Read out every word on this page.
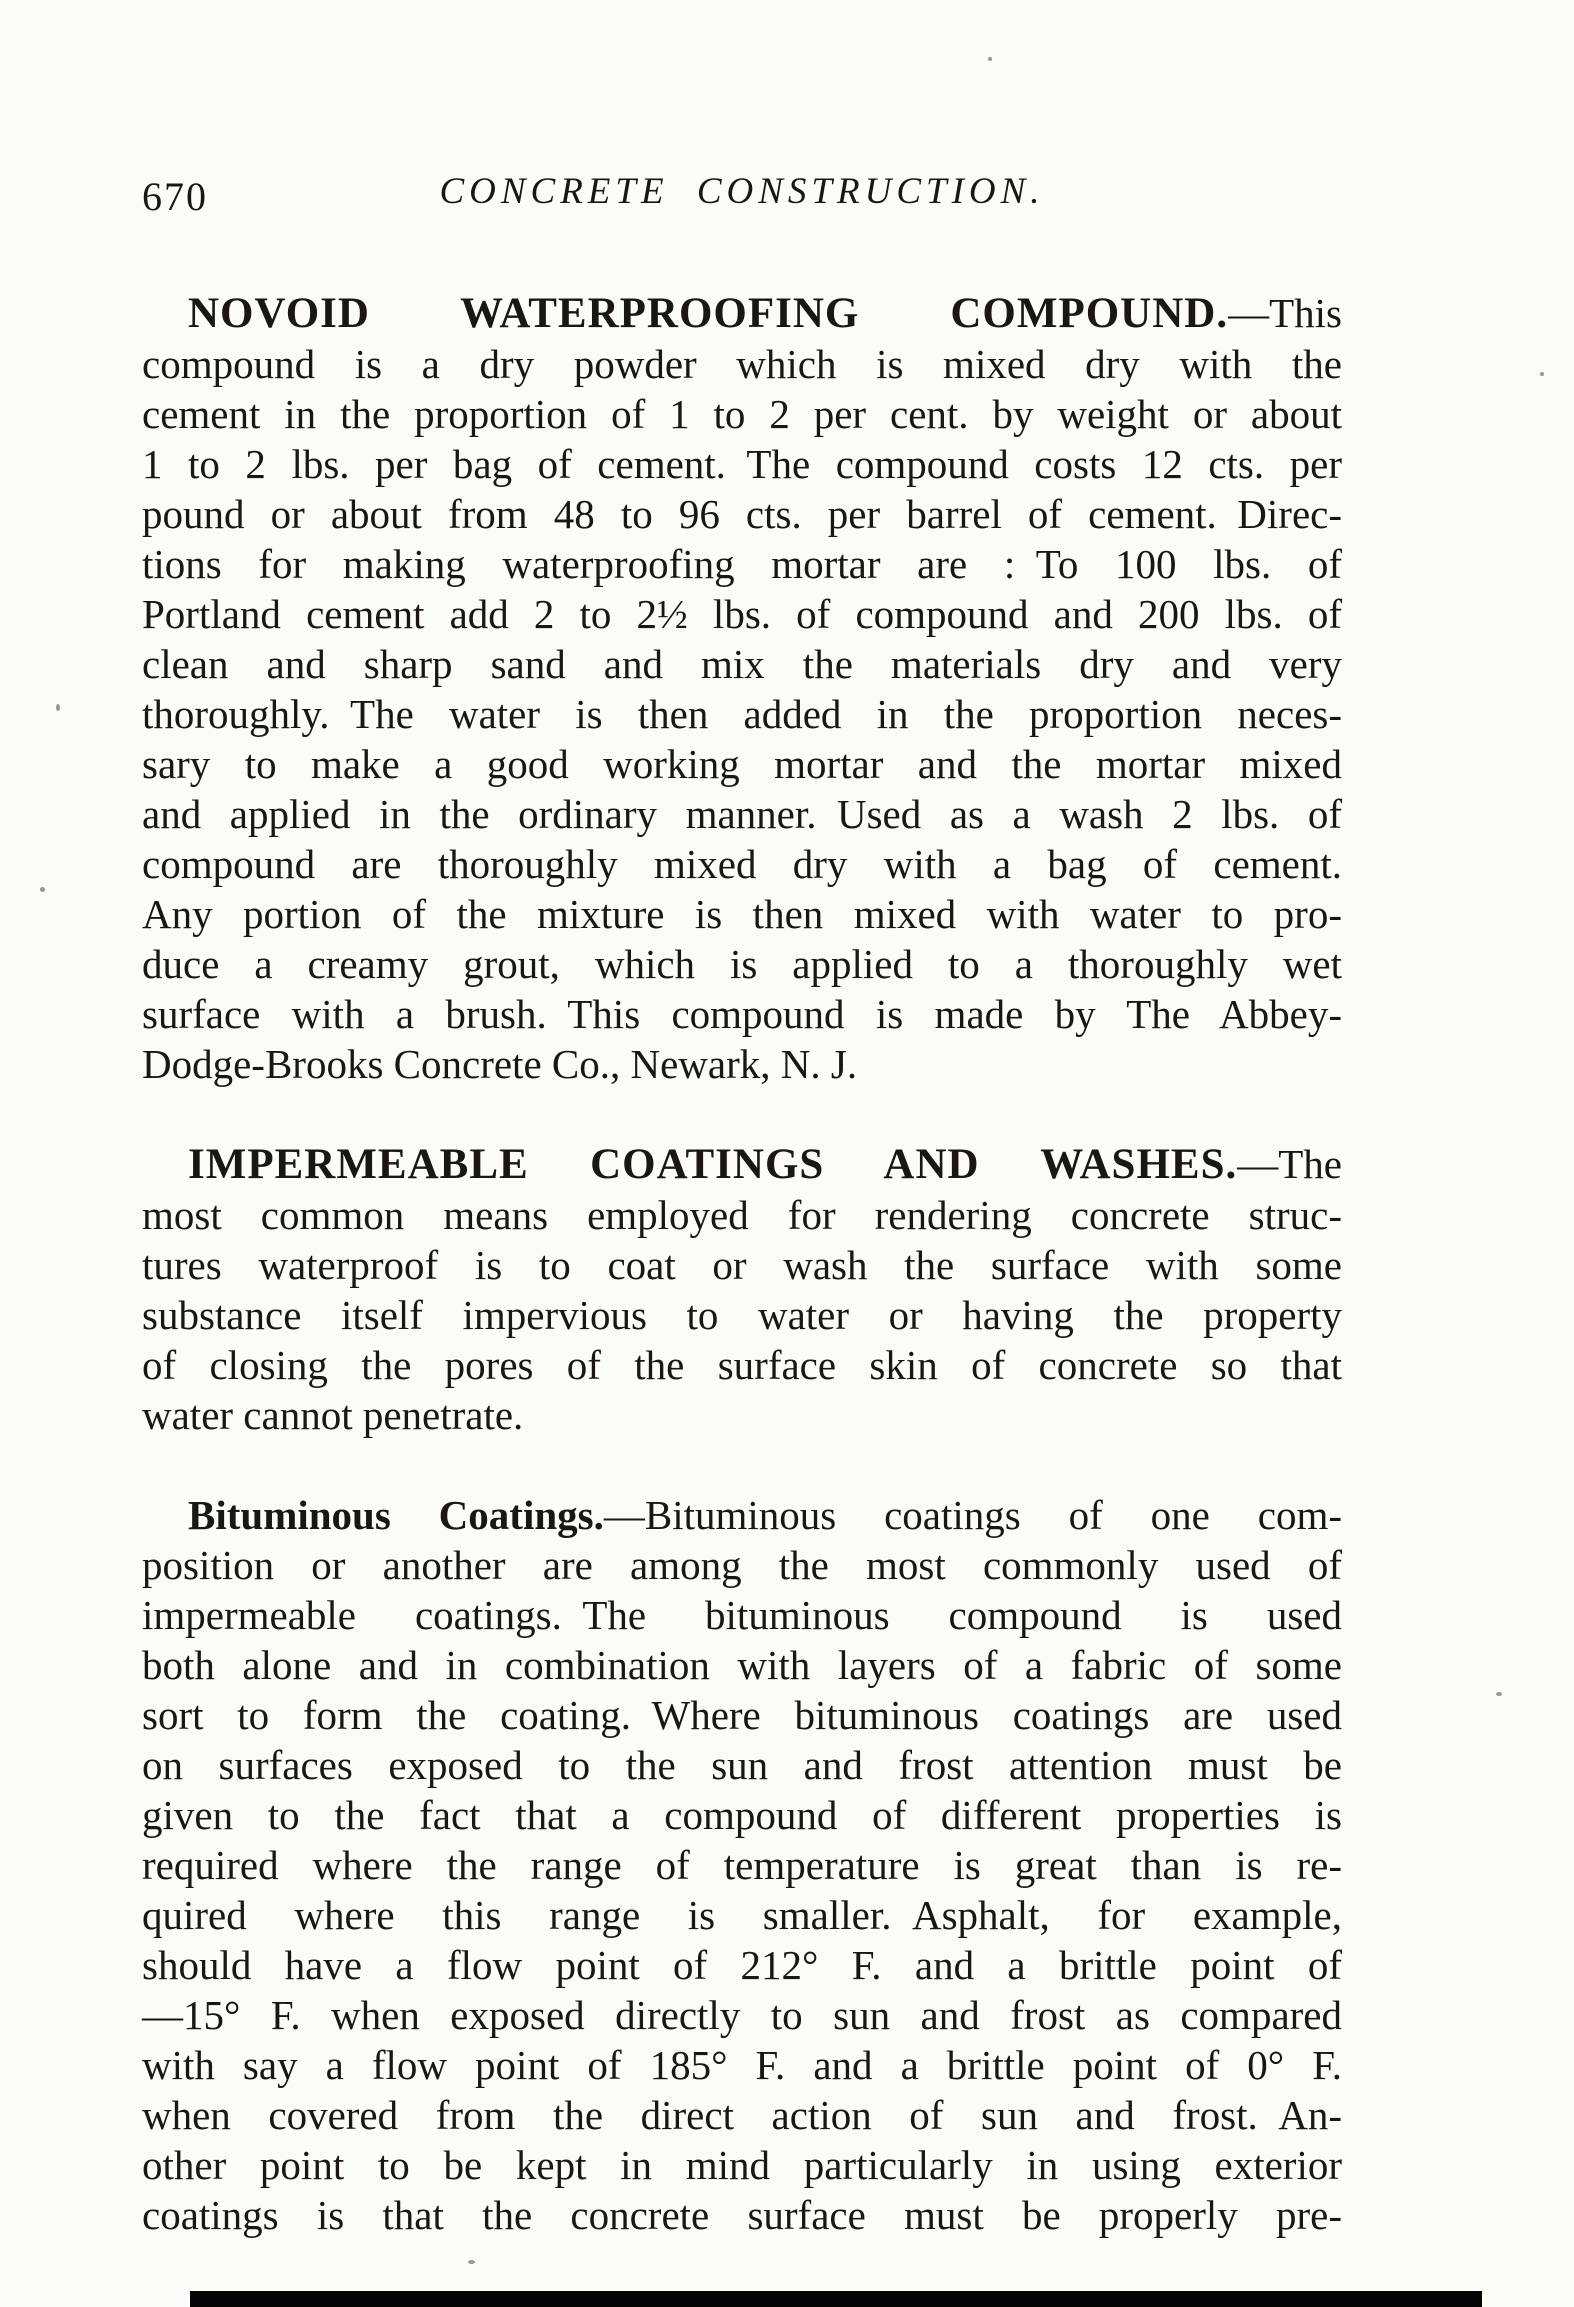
670	CONCRETE CONSTRUCTION.
NOVOID WATERPROOFING COMPOUND.—This
compound is a dry powder which is mixed dry with the
cement in the proportion of 1 to 2 per cent. by weight or about
1 to 2 lbs. per bag of cement. The compound costs 12 cts. per
pound or about from 48 to 96 cts. per barrel of cement. Direc-
tions for making waterproofing mortar are : To 100 lbs. of
Portland cement add 2 to 2½ lbs. of compound and 200 lbs. of
clean and sharp sand and mix the materials dry and very
thoroughly. The water is then added in the proportion neces-
sary to make a good working mortar and the mortar mixed
and applied in the ordinary manner. Used as a wash 2 lbs. of
compound are thoroughly mixed dry with a bag of cement.
Any portion of the mixture is then mixed with water to pro-
duce a creamy grout, which is applied to a thoroughly wet
surface with a brush. This compound is made by The Abbey-
Dodge-Brooks Concrete Co., Newark, N. J.
IMPERMEABLE COATINGS AND WASHES.—The
most common means employed for rendering concrete struc-
tures waterproof is to coat or wash the surface with some
substance itself impervious to water or having the property
of closing the pores of the surface skin of concrete so that
water cannot penetrate.
Bituminous Coatings.—Bituminous coatings of one com-
position or another are among the most commonly used of
impermeable coatings. The bituminous compound is used
both alone and in combination with layers of a fabric of some
sort to form the coating. Where bituminous coatings are used
on surfaces exposed to the sun and frost attention must be
given to the fact that a compound of different properties is
required where the range of temperature is great than is re-
quired where this range is smaller. Asphalt, for example,
should have a flow point of 212° F. and a brittle point of
—15° F. when exposed directly to sun and frost as compared
with say a flow point of 185° F. and a brittle point of 0° F.
when covered from the direct action of sun and frost. An-
other point to be kept in mind particularly in using exterior
coatings is that the concrete surface must be properly pre-
